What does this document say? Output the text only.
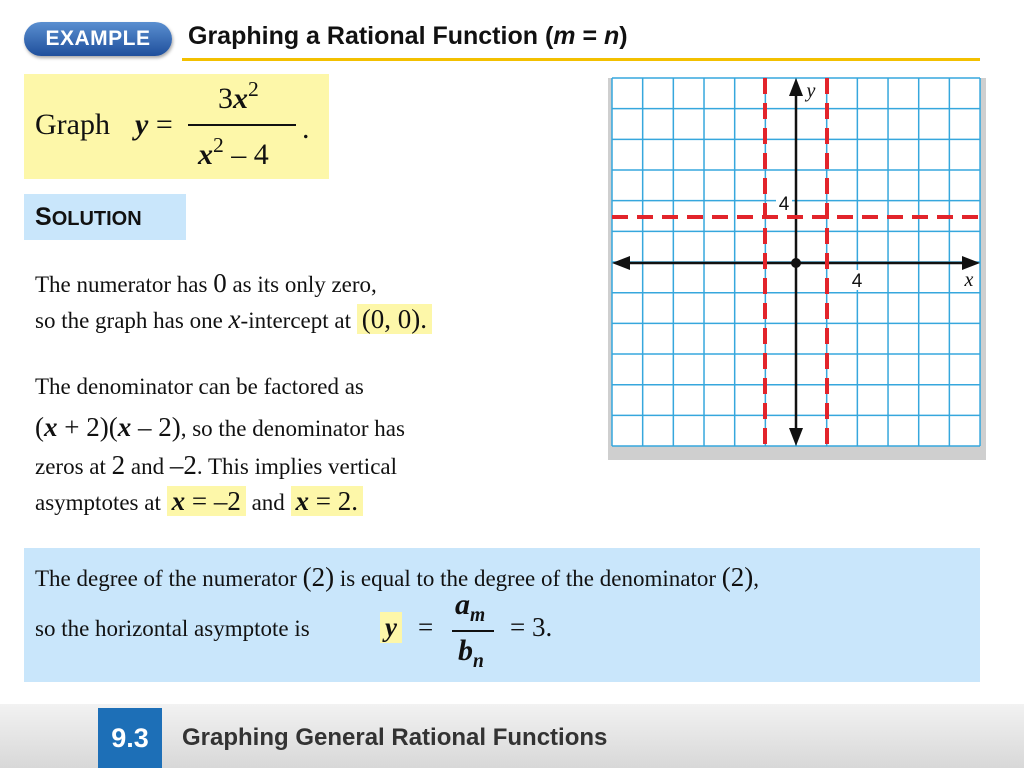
EXAMPLE	Graphing a Rational Function (m = n)
Graph y =
$3x^2$
$x^2 - 4$
.
SOLUTION
The numerator has 0 as its only zero,
so the graph has one x-intercept at (0, 0).
The denominator can be factored as
(x + 2)(x – 2), so the denominator has
zeros at 2 and –2. This implies vertical
asymptotes at x = –2 and x = 2.
The degree of the numerator (2) is equal to the degree of the denominator (2),
so the horizontal asymptote is	y =
$a_m$
$b_n$
= 3.
4
4
x
y
9.3	Graphing General Rational Functions
